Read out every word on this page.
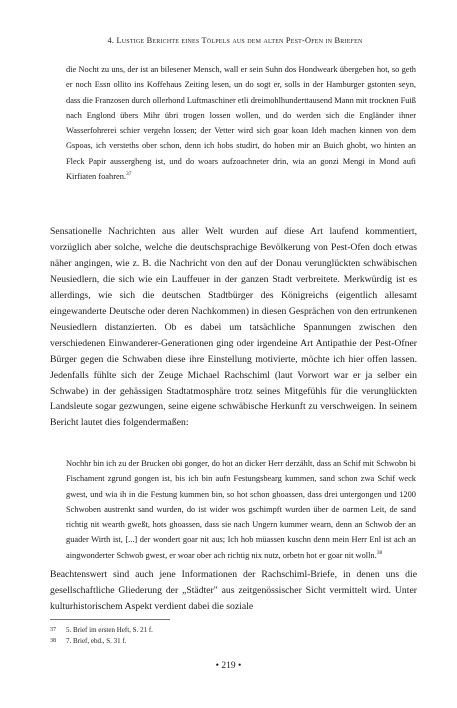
4. Lustige Berichte eines Tölpels aus dem alten Pest-Ofen in Briefen

die Nocht zu uns, der ist an bilesener Mensch, wall er sein Suhn dos Hondweark übergeben hot, so geth er noch Essn ollito ins Koffehaus Zeiting lesen, un do sogt er, solls in der Hamburger gstonten seyn, dass die Franzosen durch ollerhond Luftmaschiner etli dreimohlhunderttausend Mann mit trocknen Fuiß nach Englond übers Mihr übri trogen lossen wollen, und do werden sich die Engländer ihner Wasserfohrerei schier vergehn lossen; der Vetter wird sich goar koan Ideh machen kinnen von dem Gspoas, ich versteths ober schon, denn ich hobs studirt, do hoben mir an Buich ghobt, wo hinten an Fleck Papir aussergheng ist, und do woars aufzoachneter drin, wia an gonzi Mengi in Mond aufi Kirfiaten foahren.$^{37}$

Sensationelle Nachrichten aus aller Welt wurden auf diese Art laufend kommentiert, vorzüglich aber solche, welche die deutschsprachige Bevölkerung von Pest-Ofen doch etwas näher angingen, wie z. B. die Nachricht von den auf der Donau verunglückten schwäbischen Neusiedlern, die sich wie ein Lauffeuer in der ganzen Stadt verbreitete. Merkwürdig ist es allerdings, wie sich die deutschen Stadtbürger des Königreichs (eigentlich allesamt eingewanderte Deutsche oder deren Nachkommen) in diesen Gesprächen von den ertrunkenen Neusiedlern distanzierten. Ob es dabei um tatsächliche Spannungen zwischen den verschiedenen Einwanderer-Generationen ging oder irgendeine Art Antipathie der Pest-Ofner Bürger gegen die Schwaben diese ihre Einstellung motivierte, möchte ich hier offen lassen. Jedenfalls fühlte sich der Zeuge Michael Rachschiml (laut Vorwort war er ja selber ein Schwabe) in der gehässigen Stadtatmosphäre trotz seines Mitgefühls für die verunglückten Landsleute sogar gezwungen, seine eigene schwäbische Herkunft zu verschweigen. In seinem Bericht lautet dies folgendermaßen:

Nochhr bin ich zu der Brucken obi gonger, do hot an dicker Herr derzählt, dass an Schif mit Schwobn bi Fischament zgrund gongen ist, bis ich bin aufn Festungsbearg kummen, sand schon zwa Schif weck gwest, und wia ih in die Festung kummen bin, so hot schon ghoassen, dass drei untergongen und 1200 Schwoben austrenkt sand wurden, do ist wider wos gschimpft wurden über de oarmen Leit, de sand richtig nit wearth gweßt, hots ghoassen, dass sie nach Ungern kummer wearn, denn an Schwob der an guader Wirth ist, [...] der wondert goar nit aus; Ich hob müassen kuschn denn mein Herr Enl ist ach an aingwonderter Schwob gwest, er woar ober ach richtig nix nutz, orbetn hot er goar nit wolln.$^{38}$

Beachtenswert sind auch jene Informationen der Rachschiml-Briefe, in denen uns die gesellschaftliche Gliederung der „Städter" aus zeitgenössischer Sicht vermittelt wird. Unter kulturhistorischem Aspekt verdient dabei die soziale

37	5. Brief im ersten Heft, S. 21 f.
38	7. Brief, ebd., S. 31 f.
• 219 •
